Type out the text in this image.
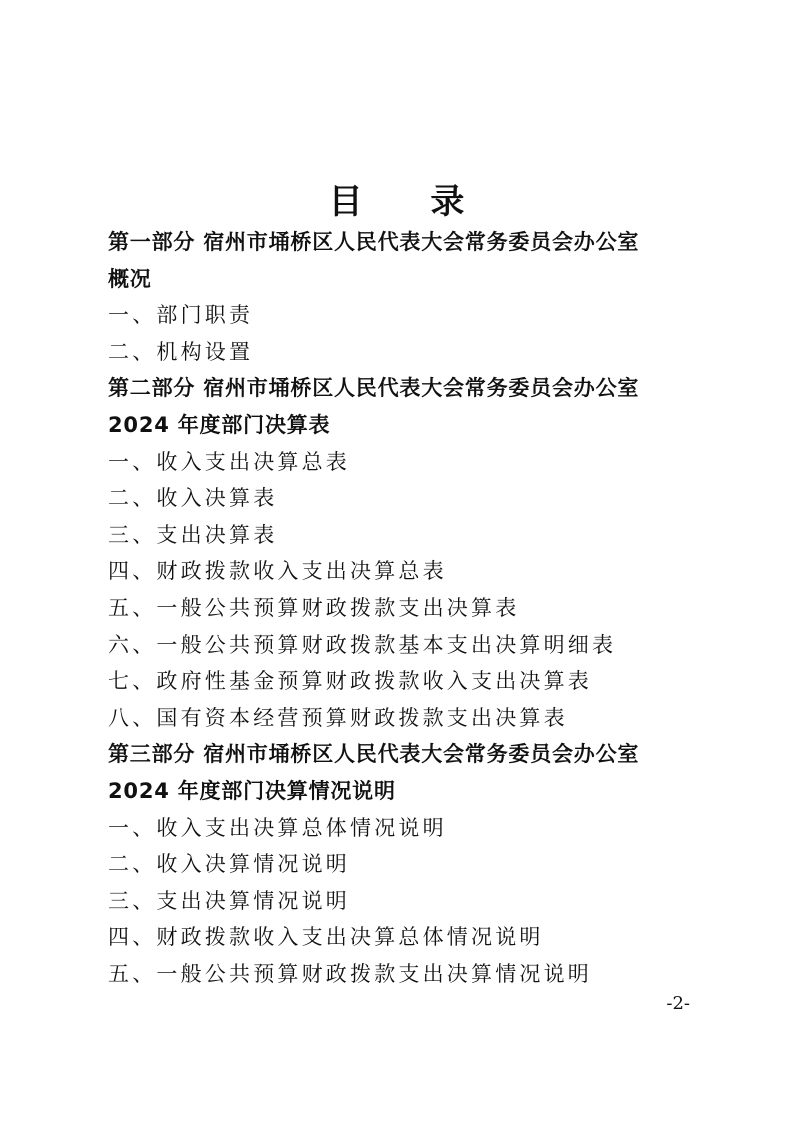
目 录
第一部分 宿州市埇桥区人民代表大会常务委员会办公室
概况
一、部门职责
二、机构设置
第二部分 宿州市埇桥区人民代表大会常务委员会办公室
2024 年度部门决算表
一、收入支出决算总表
二、收入决算表
三、支出决算表
四、财政拨款收入支出决算总表
五、一般公共预算财政拨款支出决算表
六、一般公共预算财政拨款基本支出决算明细表
七、政府性基金预算财政拨款收入支出决算表
八、国有资本经营预算财政拨款支出决算表
第三部分 宿州市埇桥区人民代表大会常务委员会办公室
2024 年度部门决算情况说明
一、收入支出决算总体情况说明
二、收入决算情况说明
三、支出决算情况说明
四、财政拨款收入支出决算总体情况说明
五、一般公共预算财政拨款支出决算情况说明
-2-
